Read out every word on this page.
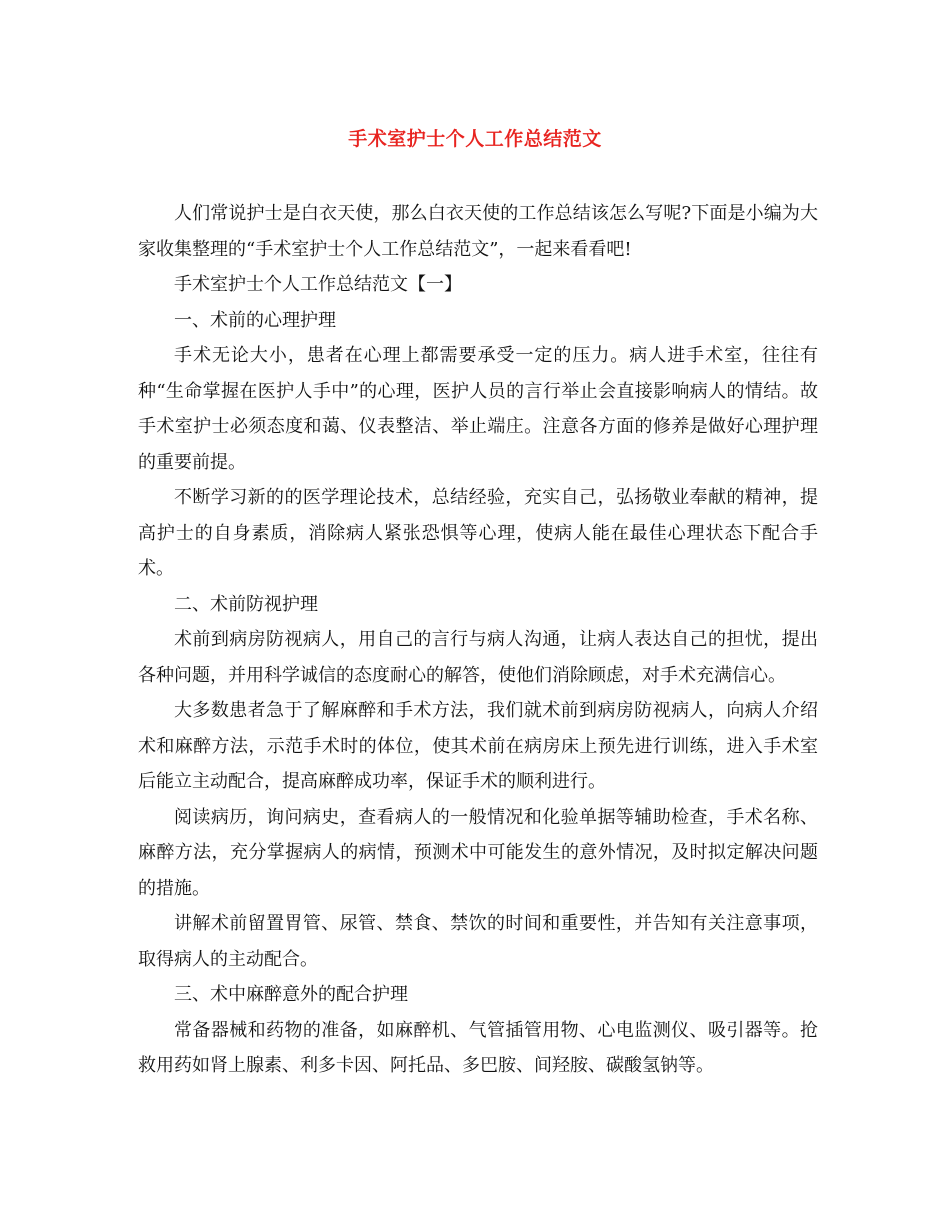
手术室护士个人工作总结范文

人们常说护士是白衣天使，那么白衣天使的工作总结该怎么写呢?下面是小编为大家收集整理的“手术室护士个人工作总结范文”，一起来看看吧!

手术室护士个人工作总结范文【一】

一、术前的心理护理

手术无论大小，患者在心理上都需要承受一定的压力。病人进手术室，往往有种“生命掌握在医护人手中”的心理，医护人员的言行举止会直接影响病人的情结。故手术室护士必须态度和蔼、仪表整洁、举止端庄。注意各方面的修养是做好心理护理的重要前提。

不断学习新的的医学理论技术，总结经验，充实自己，弘扬敬业奉献的精神，提高护士的自身素质，消除病人紧张恐惧等心理，使病人能在最佳心理状态下配合手术。

二、术前防视护理

术前到病房防视病人，用自己的言行与病人沟通，让病人表达自己的担忧，提出各种问题，并用科学诚信的态度耐心的解答，使他们消除顾虑，对手术充满信心。

大多数患者急于了解麻醉和手术方法，我们就术前到病房防视病人，向病人介绍术和麻醉方法，示范手术时的体位，使其术前在病房床上预先进行训练，进入手术室后能立主动配合，提高麻醉成功率，保证手术的顺利进行。

阅读病历，询问病史，查看病人的一般情况和化验单据等辅助检查，手术名称、麻醉方法，充分掌握病人的病情，预测术中可能发生的意外情况，及时拟定解决问题的措施。

讲解术前留置胃管、尿管、禁食、禁饮的时间和重要性，并告知有关注意事项，取得病人的主动配合。

三、术中麻醉意外的配合护理

常备器械和药物的准备，如麻醉机、气管插管用物、心电监测仪、吸引器等。抢救用药如肾上腺素、利多卡因、阿托品、多巴胺、间羟胺、碳酸氢钠等。
